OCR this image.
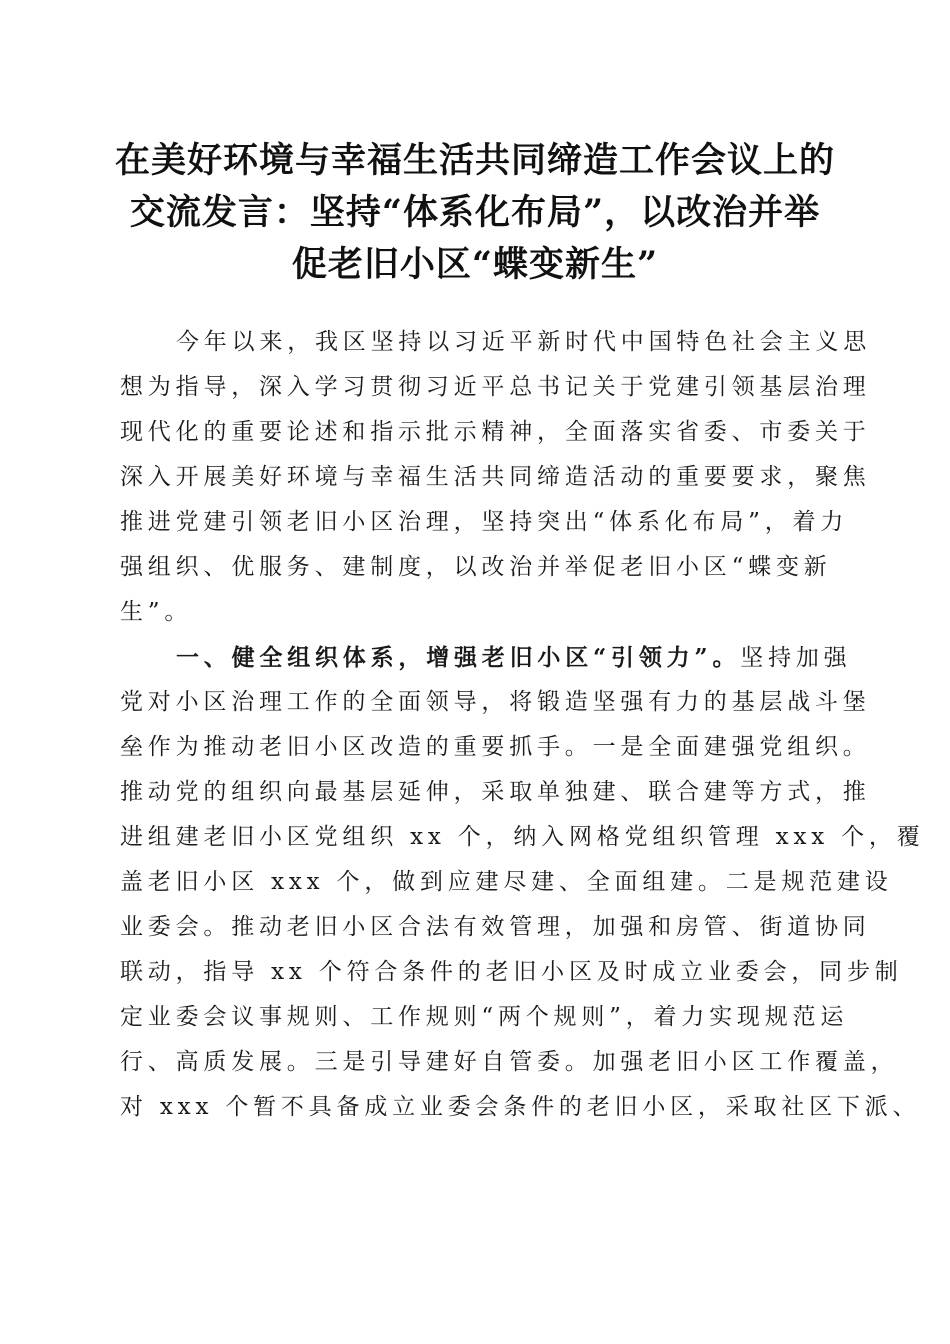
在美好环境与幸福生活共同缔造工作会议上的
交流发言：坚持“体系化布局”，以改治并举
促老旧小区“蝶变新生”
今年以来，我区坚持以习近平新时代中国特色社会主义思
想为指导，深入学习贯彻习近平总书记关于党建引领基层治理
现代化的重要论述和指示批示精神，全面落实省委、市委关于
深入开展美好环境与幸福生活共同缔造活动的重要要求，聚焦
推进党建引领老旧小区治理，坚持突出“体系化布局”，着力
强组织、优服务、建制度，以改治并举促老旧小区“蝶变新
生”。
一、健全组织体系，增强老旧小区“引领力”。坚持加强
党对小区治理工作的全面领导，将锻造坚强有力的基层战斗堡
垒作为推动老旧小区改造的重要抓手。一是全面建强党组织。
推动党的组织向最基层延伸，采取单独建、联合建等方式，推
进组建老旧小区党组织 xx 个，纳入网格党组织管理 xxx 个，覆
盖老旧小区 xxx 个，做到应建尽建、全面组建。二是规范建设
业委会。推动老旧小区合法有效管理，加强和房管、街道协同
联动，指导 xx 个符合条件的老旧小区及时成立业委会，同步制
定业委会议事规则、工作规则“两个规则”，着力实现规范运
行、高质发展。三是引导建好自管委。加强老旧小区工作覆盖，
对 xxx 个暂不具备成立业委会条件的老旧小区，采取社区下派、
